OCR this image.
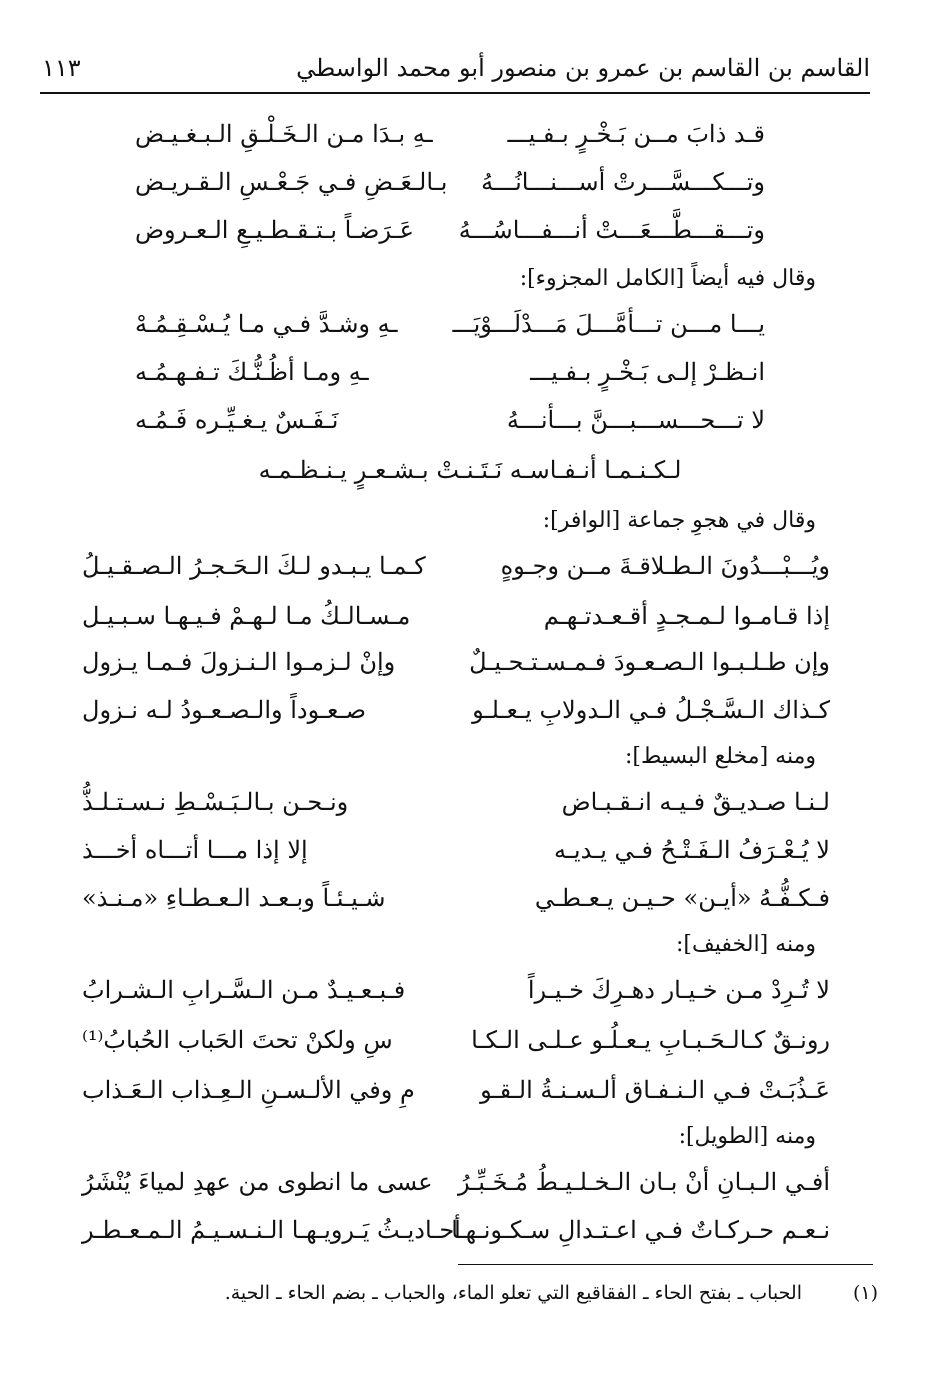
القاسم بن القاسم بن عمرو بن منصور أبو محمد الواسطي
١١٣
قـد ذابَ مــن بَـخْـرٍ بـفـيـــ
ـهِ بـدَا مـن الـخَـلْـقِ الـبـغـيـض
وتـــكـــسَّـــرتْ أســـنـــانُـــهُ
بـالـعَـضِ فـي جَـعْـسِ الـقـريـض
وتـــقـــطَّـــعَـــتْ أنـــفـــاسُـــهُ
عَـرَضـاً بـتـقـطـيـعِ الـعـروض
وقال فيه أيضاً [الكامل المجزوء]:
يـــا مـــن تـــأمَّـــلَ مَـــدْلَـــوْيَـــ
ـهِ وشـدَّ فـي مـا يُـسْـقِـمُـهْ
انـظـرْ إلـى بَـخْـرٍ بـفـيـــ
ـهِ ومـا أظُـنُّـكَ تـفـهـمُـه
لا تـــحـــســـبـــنَّ بـــأنـــهُ
نَـفَـسٌ يـغـيِّـره فَـمُـه
لـكـنـمـا أنـفـاسـه نَـتَـنـتْ بـشـعـرٍ يـنـظـمـه
وقال في هجوِ جماعة [الوافر]:
ويُـــبْـــدُونَ الـطـلاقـةَ مــن وجـوهٍ
كـمـا يـبـدو لـكَ الـحَـجـرُ الـصـقـيـلُ
إذا قـامـوا لـمـجـدٍ أقـعـدتـهـم
مـسـالـكُ مـا لـهـمْ فـيـهـا سـبـيـل
وإن طـلـبـوا الـصـعـودَ فـمـسـتـحـيـلٌ
وإنْ لـزمـوا الـنـزولَ فـمـا يـزول
كـذاك الـسَّـجْـلُ فـي الـدولابِ يـعـلـو
صـعـوداً والـصـعـودُ لـه نـزول
ومنه [مخلع البسيط]:
لـنـا صـديـقٌ فـيـه انـقـبـاض
ونـحـن بـالـبَـسْـطِ نـسـتـلـذُّ
لا يُـعْـرَفُ الـفَـتْـحُ فـي يـديـه
إلا إذا مـــا أتـــاه أخـــذ
فـكـفُّـهُ «أيـن» حـيـن يـعـطـي
شـيـئـاً وبـعـد الـعـطـاءِ «مـنـذ»
ومنه [الخفيف]:
لا تُـرِدْ مـن خـيـار دهـرِكَ خـيـراً
فـبـعـيـدٌ مـن الـسَّـرابِ الـشـرابُ
رونـقٌ كـالـحَـبـابِ يـعـلُـو عـلـى الـكـا
سِ ولكنْ تحتَ الحَباب الحُبابُ⁽¹⁾
عَـذُبَـتْ فـي الـنـفـاق ألـسـنـةُ الـقـو
مِ وفي الألـسـنِ الـعِـذاب الـعَـذاب
ومنه [الطويل]:
أفـي الـبـانِ أنْ بـان الـخـلـيـطُ مُـخَـبِّـرُ
عسى ما انطوى من عهدِ لمياءَ يُنْشَرُ
نـعـم حـركـاتٌ فـي اعـتـدالِ سـكـونـهـا
أحـاديـثُ يَـرويـهـا الـنـسـيـمُ الـمـعـطـر
(١)
الحباب ـ بفتح الحاء ـ الفقاقيع التي تعلو الماء، والحباب ـ بضم الحاء ـ الحية.
